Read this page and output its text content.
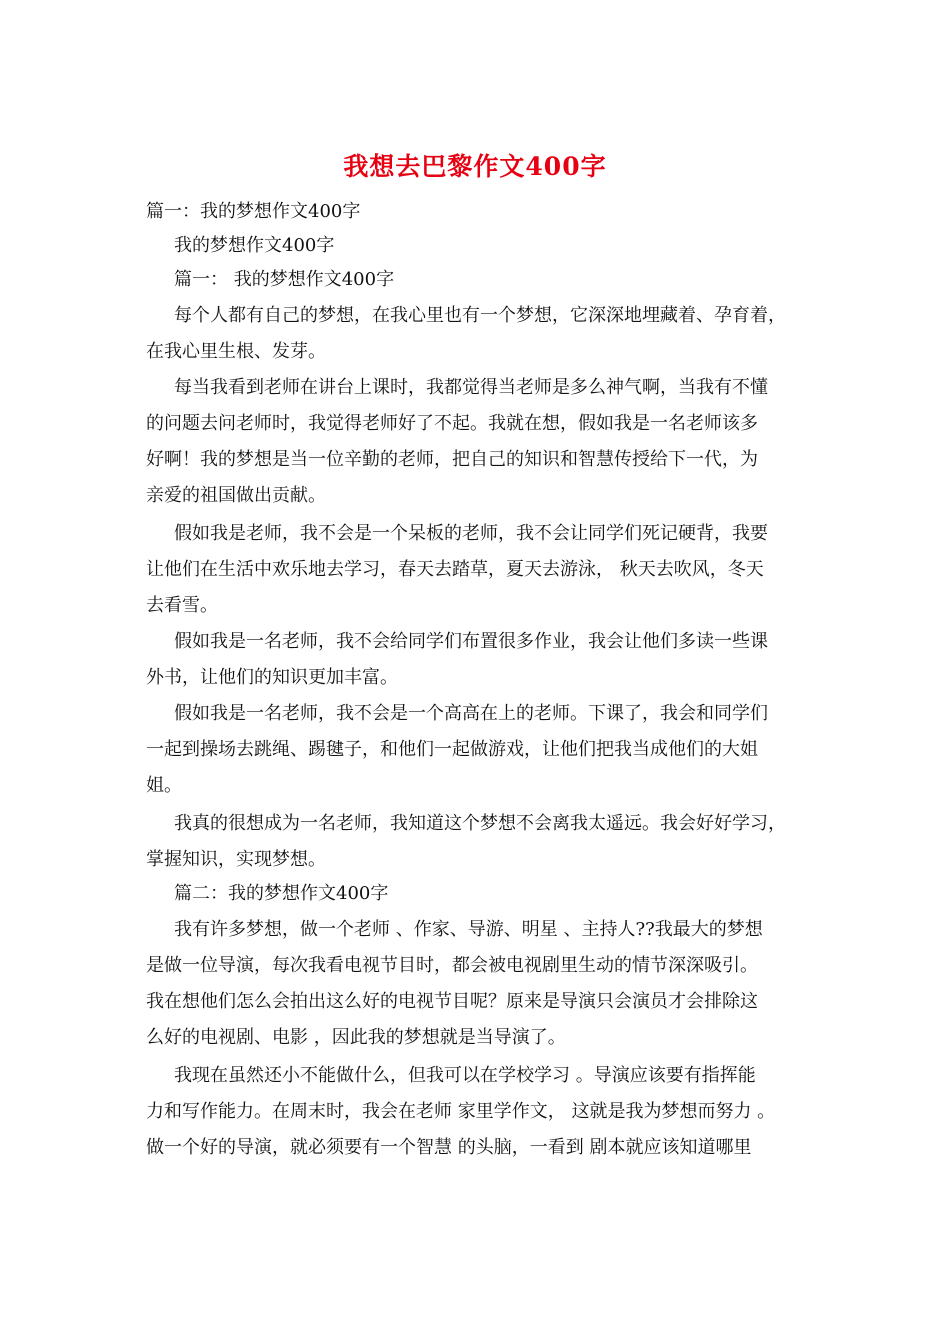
我想去巴黎作文400字
篇一：我的梦想作文400字
我的梦想作文400字
篇一： 我的梦想作文400字
每个人都有自己的梦想，在我心里也有一个梦想，它深深地埋藏着、孕育着，
在我心里生根、发芽。
每当我看到老师在讲台上课时，我都觉得当老师是多么神气啊，当我有不懂
的问题去问老师时，我觉得老师好了不起。我就在想，假如我是一名老师该多
好啊！我的梦想是当一位辛勤的老师，把自己的知识和智慧传授给下一代，为
亲爱的祖国做出贡献。
假如我是老师，我不会是一个呆板的老师，我不会让同学们死记硬背，我要
让他们在生活中欢乐地去学习，春天去踏草，夏天去游泳， 秋天去吹风，冬天
去看雪。
假如我是一名老师，我不会给同学们布置很多作业，我会让他们多读一些课
外书，让他们的知识更加丰富。
假如我是一名老师，我不会是一个高高在上的老师。下课了，我会和同学们
一起到操场去跳绳、踢毽子，和他们一起做游戏，让他们把我当成他们的大姐
姐。
我真的很想成为一名老师，我知道这个梦想不会离我太遥远。我会好好学习，
掌握知识，实现梦想。
篇二：我的梦想作文400字
我有许多梦想，做一个老师 、作家、导游、明星 、主持人??我最大的梦想
是做一位导演，每次我看电视节目时，都会被电视剧里生动的情节深深吸引。
我在想他们怎么会拍出这么好的电视节目呢？原来是导演只会演员才会排除这
么好的电视剧、电影 ，因此我的梦想就是当导演了。
我现在虽然还小不能做什么，但我可以在学校学习 。导演应该要有指挥能
力和写作能力。在周末时，我会在老师 家里学作文， 这就是我为梦想而努力 。
做一个好的导演，就必须要有一个智慧 的头脑，一看到 剧本就应该知道哪里
